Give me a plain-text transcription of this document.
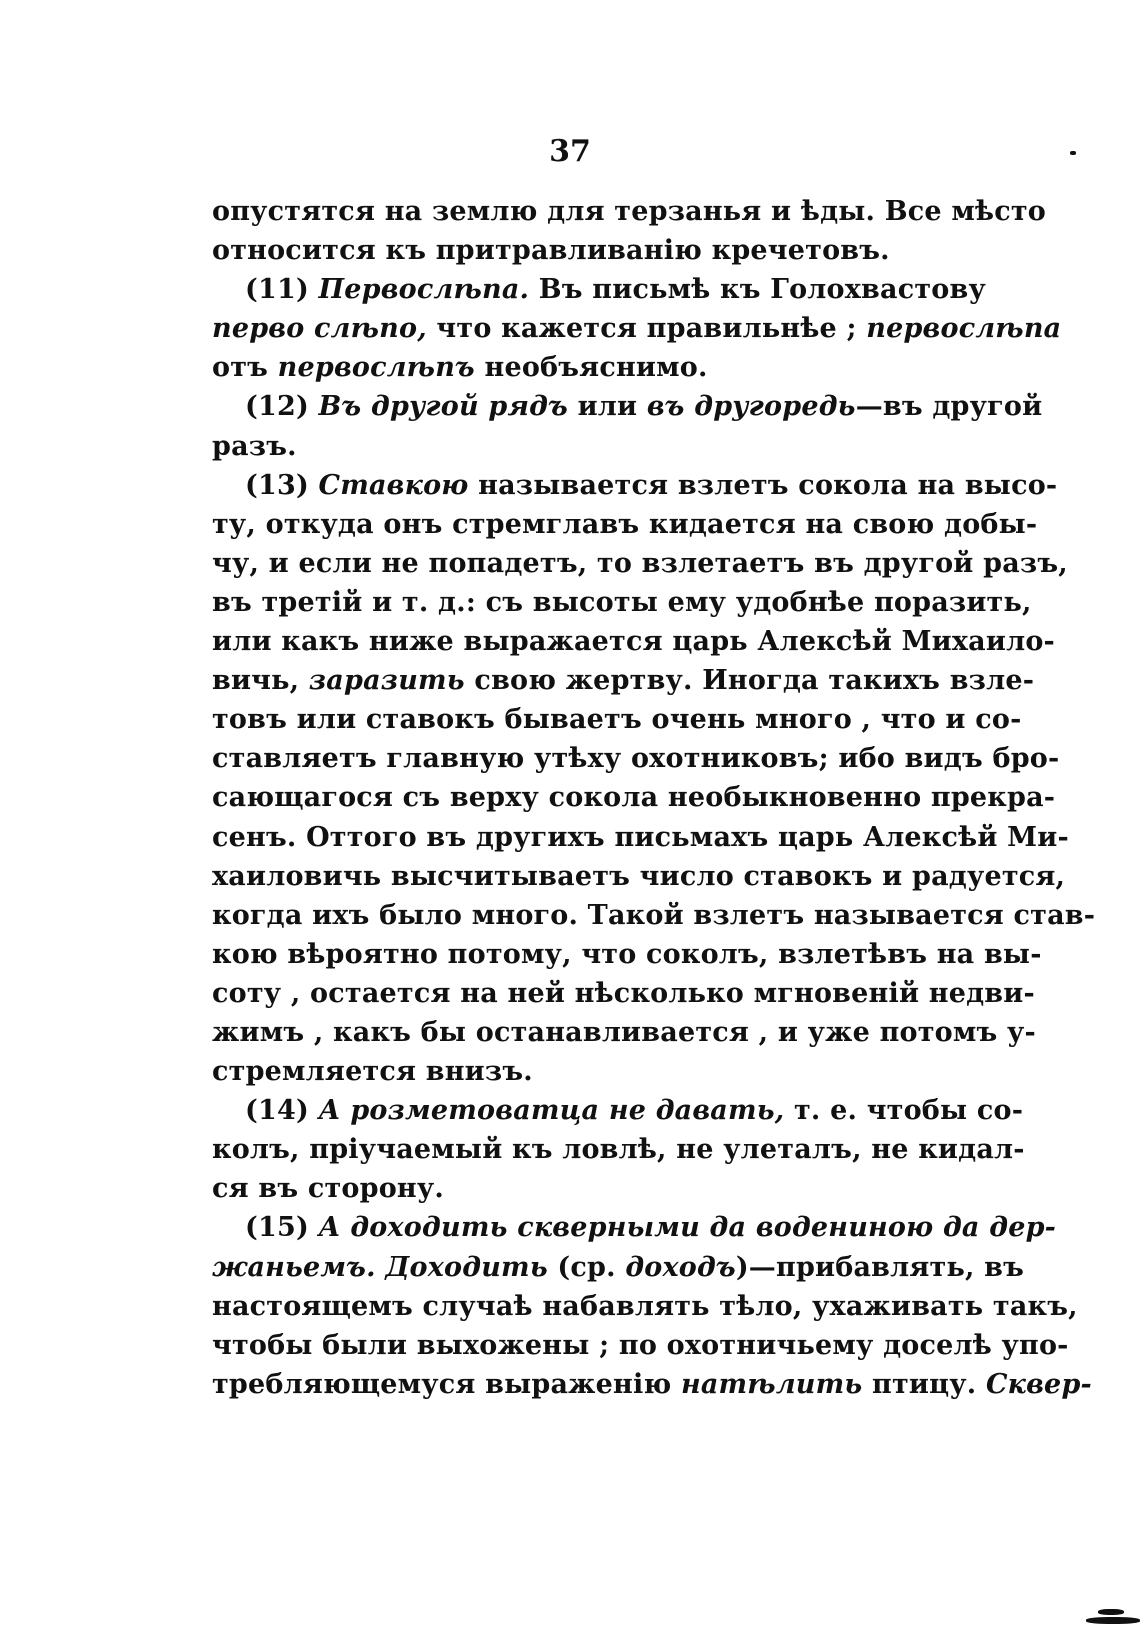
37
опустятся на землю для терзанья и ѣды. Все мѣсто
относится къ притравливанію кречетовъ.
(11) Первослѣпа. Въ письмѣ къ Голохвастову
перво слѣпо, что кажется правильнѣе ; первослѣпа
отъ первослѣпъ необъяснимо.
(12) Въ другой рядъ или въ другоредь—въ другой
разъ.
(13) Ставкою называется взлетъ сокола на высо-
ту, откуда онъ стремглавъ кидается на свою добы-
чу, и если не попадетъ, то взлетаетъ въ другой разъ,
въ третій и т. д.: съ высоты ему удобнѣе поразить,
или какъ ниже выражается царь Алексѣй Михаило-
вичь, заразить свою жертву. Иногда такихъ взле-
товъ или ставокъ бываетъ очень много , что и со-
ставляетъ главную утѣху охотниковъ; ибо видъ бро-
сающагося съ верху сокола необыкновенно прекра-
сенъ. Оттого въ другихъ письмахъ царь Алексѣй Ми-
хаиловичь высчитываетъ число ставокъ и радуется,
когда ихъ было много. Такой взлетъ называется став-
кою вѣроятно потому, что соколъ, взлетѣвъ на вы-
соту , остается на ней нѣсколько мгновеній недви-
жимъ , какъ бы останавливается , и уже потомъ у-
стремляется внизъ.
(14) А розметоватца не давать, т. е. чтобы со-
колъ, пріучаемый къ ловлѣ, не улеталъ, не кидал-
ся въ сторону.
(15) А доходить скверными да водениною да дер-
жаньемъ. Доходить (ср. доходъ)—прибавлять, въ
настоящемъ случаѣ набавлять тѣло, ухаживать такъ,
чтобы были выхожены ; по охотничьему доселѣ упо-
требляющемуся выраженію натѣлить птицу. Сквер-
